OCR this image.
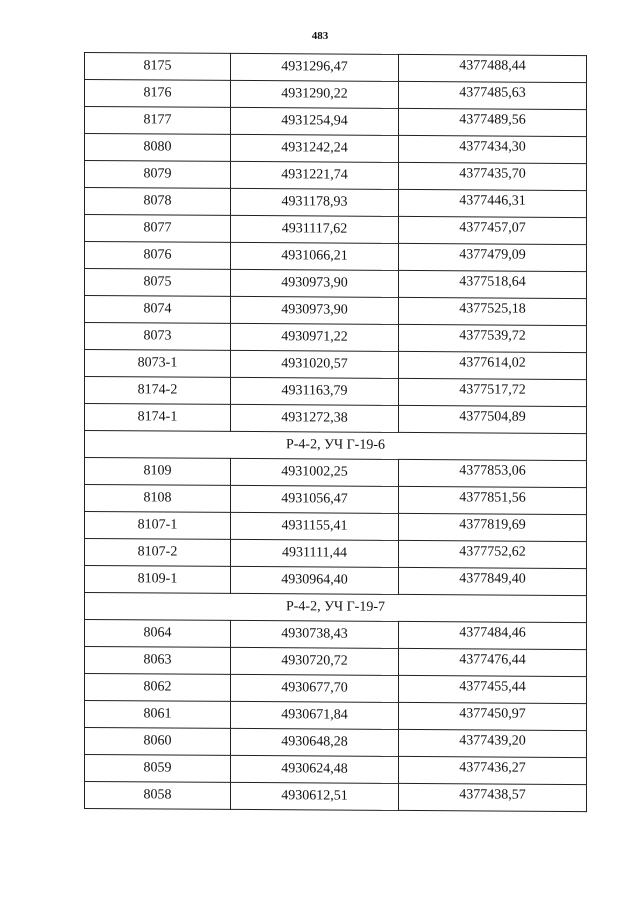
483
8175	4931296,47	4377488,44
8176	4931290,22	4377485,63
8177	4931254,94	4377489,56
8080	4931242,24	4377434,30
8079	4931221,74	4377435,70
8078	4931178,93	4377446,31
8077	4931117,62	4377457,07
8076	4931066,21	4377479,09
8075	4930973,90	4377518,64
8074	4930973,90	4377525,18
8073	4930971,22	4377539,72
8073-1	4931020,57	4377614,02
8174-2	4931163,79	4377517,72
8174-1	4931272,38	4377504,89
Р-4-2, УЧ Г-19-6		
8109	4931002,25	4377853,06
8108	4931056,47	4377851,56
8107-1	4931155,41	4377819,69
8107-2	4931111,44	4377752,62
8109-1	4930964,40	4377849,40
Р-4-2, УЧ Г-19-7		
8064	4930738,43	4377484,46
8063	4930720,72	4377476,44
8062	4930677,70	4377455,44
8061	4930671,84	4377450,97
8060	4930648,28	4377439,20
8059	4930624,48	4377436,27
8058	4930612,51	4377438,57
